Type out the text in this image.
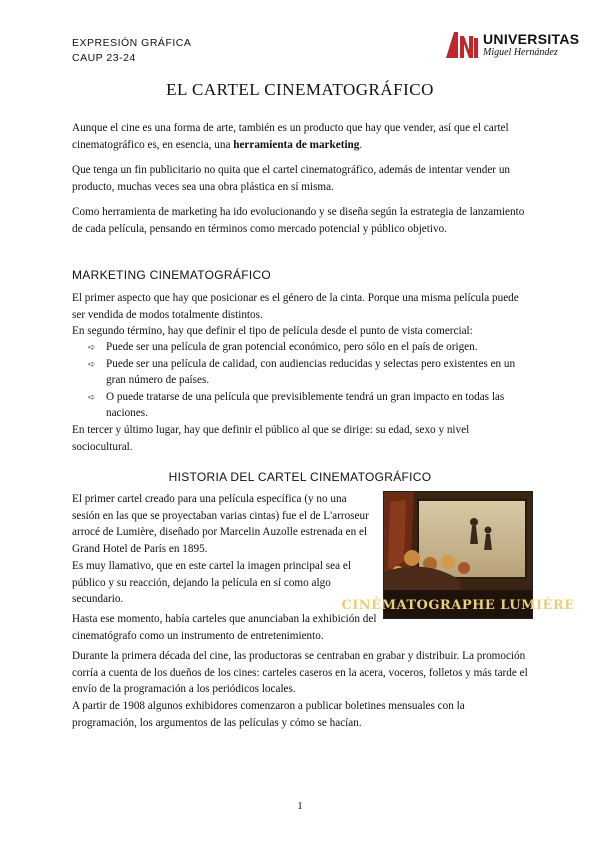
EXPRESIÓN GRÁFICA
CAUP 23-24
UNIVERSITAS
Miguel Hernández
EL CARTEL CINEMATOGRÁFICO
Aunque el cine es una forma de arte, también es un producto que hay que vender, así que el cartel cinematográfico es, en esencia, una herramienta de marketing.
Que tenga un fin publicitario no quita que el cartel cinematográfico, además de intentar vender un producto, muchas veces sea una obra plástica en sí misma.
Como herramienta de marketing ha ido evolucionando y se diseña según la estrategia de lanzamiento de cada película, pensando en términos como mercado potencial y público objetivo.
MARKETING CINEMATOGRÁFICO
El primer aspecto que hay que posicionar es el género de la cinta. Porque una misma película puede ser vendida de modos totalmente distintos.
En segundo término, hay que definir el tipo de película desde el punto de vista comercial:
➪ Puede ser una película de gran potencial económico, pero sólo en el país de origen.
➪ Puede ser una película de calidad, con audiencias reducidas y selectas pero existentes en un gran número de países.
➪ O puede tratarse de una película que previsiblemente tendrá un gran impacto en todas las naciones.
En tercer y último lugar, hay que definir el público al que se dirige: su edad, sexo y nivel sociocultural.
HISTORIA DEL CARTEL CINEMATOGRÁFICO
El primer cartel creado para una película específica (y no una sesión en las que se proyectaban varias cintas) fue el de L'arroseur arrocé de Lumière, diseñado por Marcelin Auzolle estrenada en el Grand Hotel de París en 1895.
Es muy llamativo, que en este cartel la imagen principal sea el público y su reacción, dejando la película en sí como algo secundario.
Hasta ese momento, había carteles que anunciaban la exhibición del cinematógrafo como un instrumento de entretenimiento.
CINÉMATOGRAPHE LUMIÈRE
Durante la primera década del cine, las productoras se centraban en grabar y distribuir. La promoción corría a cuenta de los dueños de los cines: carteles caseros en la acera, voceros, folletos y más tarde el envío de la programación a los periódicos locales.
A partir de 1908 algunos exhibidores comenzaron a publicar boletines mensuales con la programación, los argumentos de las películas y cómo se hacían.
1
